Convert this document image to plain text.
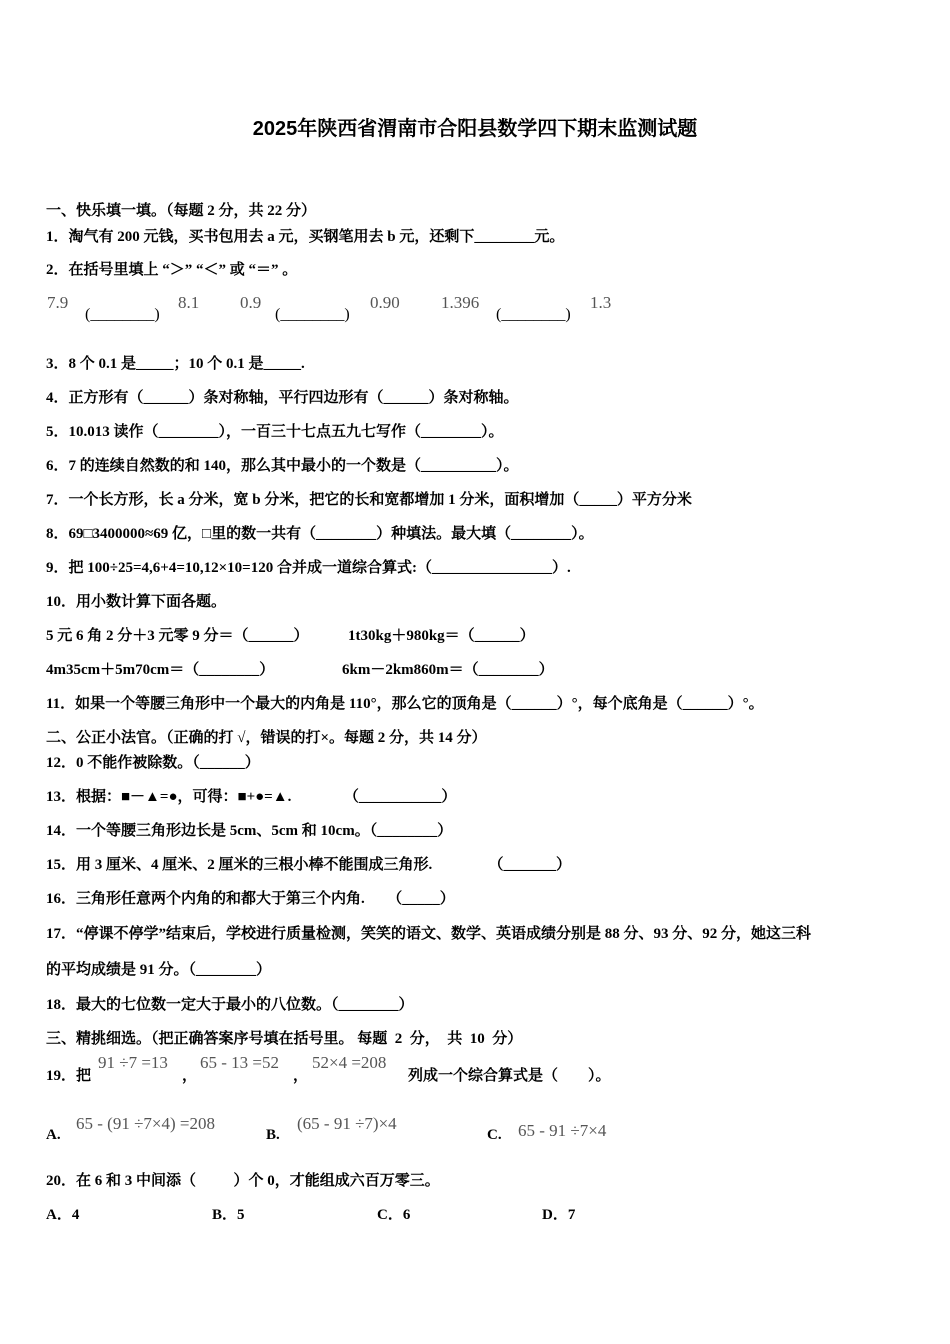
2025年陕西省渭南市合阳县数学四下期末监测试题
一、快乐填一填。（每题 2 分，共 22 分）
1．淘气有 200 元钱，买书包用去 a 元，买钢笔用去 b 元，还剩下________元。
2．在括号里填上 “＞” “＜” 或 “＝” 。
7.9
(________)
8.1 0.9
(________)
0.90 1.396
(________)
1.3
3．8 个 0.1 是_____；10 个 0.1 是_____.
4．正方形有（______）条对称轴，平行四边形有（______）条对称轴。
5．10.013 读作（________），一百三十七点五九七写作（________）。
6．7 的连续自然数的和 140，那么其中最小的一个数是（__________）。
7．一个长方形，长 a 分米，宽 b 分米，把它的长和宽都增加 1 分米，面积增加（_____）平方分米
8．69□3400000≈69 亿，□里的数一共有（________）种填法。最大填（________）。
9．把 100÷25=4,6+4=10,12×10=120 合并成一道综合算式:（________________）.
10．用小数计算下面各题。
5 元 6 角 2 分＋3 元零 9 分＝（______）	1t30kg＋980kg＝（______）
4m35cm＋5m70cm＝（________）	6km－2km860m＝（________）
11．如果一个等腰三角形中一个最大的内角是 110°，那么它的顶角是（______）°，每个底角是（______）°。
二、公正小法官。（正确的打 √，错误的打×。每题 2 分，共 14 分）
12．0 不能作被除数。（______）
13．根据：■－▲=●，可得：■+●=▲.              （___________）
14．一个等腰三角形边长是 5cm、5cm 和 10cm。（________）
15．用 3 厘米、4 厘米、2 厘米的三根小棒不能围成三角形.               （_______）
16．三角形任意两个内角的和都大于第三个内角.      （_____）
17．“停课不停学”结束后，学校进行质量检测，笑笑的语文、数学、英语成绩分别是 88 分、93 分、92 分，她这三科
的平均成绩是 91 分。（________）
18．最大的七位数一定大于最小的八位数。（________）
三、精挑细选。（把正确答案序号填在括号里。 每题  2  分，  共  10  分）
19．把
91 ÷7 =13
，
65 - 13 =52
，
52×4 =208
列成一个综合算式是（        ）。
A.
65 - (91 ÷7×4) =208
B.
(65 - 91 ÷7)×4
C. 65 - 91 ÷7×4
20．在 6 和 3 中间添（          ）个 0，才能组成六百万零三。
A．4	B．5	C．6	D．7
